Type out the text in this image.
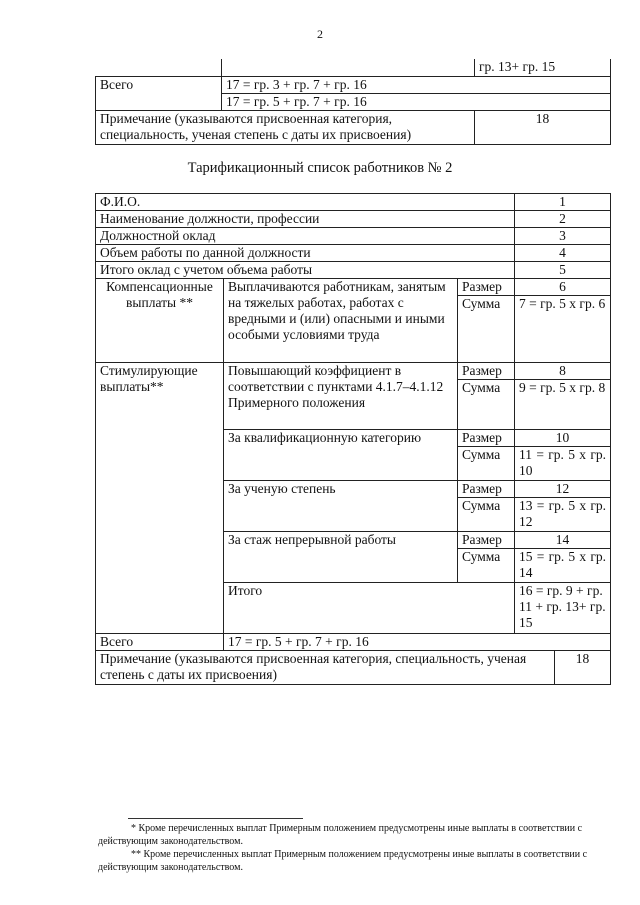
2
		гр. 13+ гр. 15
Всего	17 = гр. 3 + гр. 7 + гр. 16	
	17 = гр. 5 + гр. 7 + гр. 16	
Примечание (указываются присвоенная категория, специальность, ученая степень с даты их присвоения)		18
Тарификационный список работников № 2
Ф.И.О.			1	
Наименование должности, профессии			2	
Должностной оклад			3	
Объем работы по данной должности			4	
Итого оклад с учетом объема работы			5	
Компенсационные выплаты **	Выплачиваются работникам, занятым на тяжелых работах, работах с вредными и (или) опасными и иными особыми условиями труда	Размер	6	
		Сумма	7 = гр. 5 х гр. 6	
Стимулирующие выплаты**	Повышающий коэффициент в соответствии с пунктами 4.1.7–4.1.12 Примерного положения	Размер	8	
		Сумма	9 = гр. 5 х гр. 8	
	За квалификационную категорию	Размер	10	
		Сумма	11 = гр. 5 х гр. 10	
	За ученую степень	Размер	12	
		Сумма	13 = гр. 5 х гр. 12	
	За стаж непрерывной работы	Размер	14	
		Сумма	15 = гр. 5 х гр. 14	
	Итого		16 = гр. 9 + гр. 11 + гр. 13+ гр. 15	
Всего	17 = гр. 5 + гр. 7 + гр. 16			
Примечание (указываются присвоенная категория, специальность, ученая степень с даты их присвоения)				18
* Кроме перечисленных выплат Примерным положением предусмотрены иные выплаты в соответствии с действующим законодательством.
** Кроме перечисленных выплат Примерным положением предусмотрены иные выплаты в соответствии с действующим законодательством.
